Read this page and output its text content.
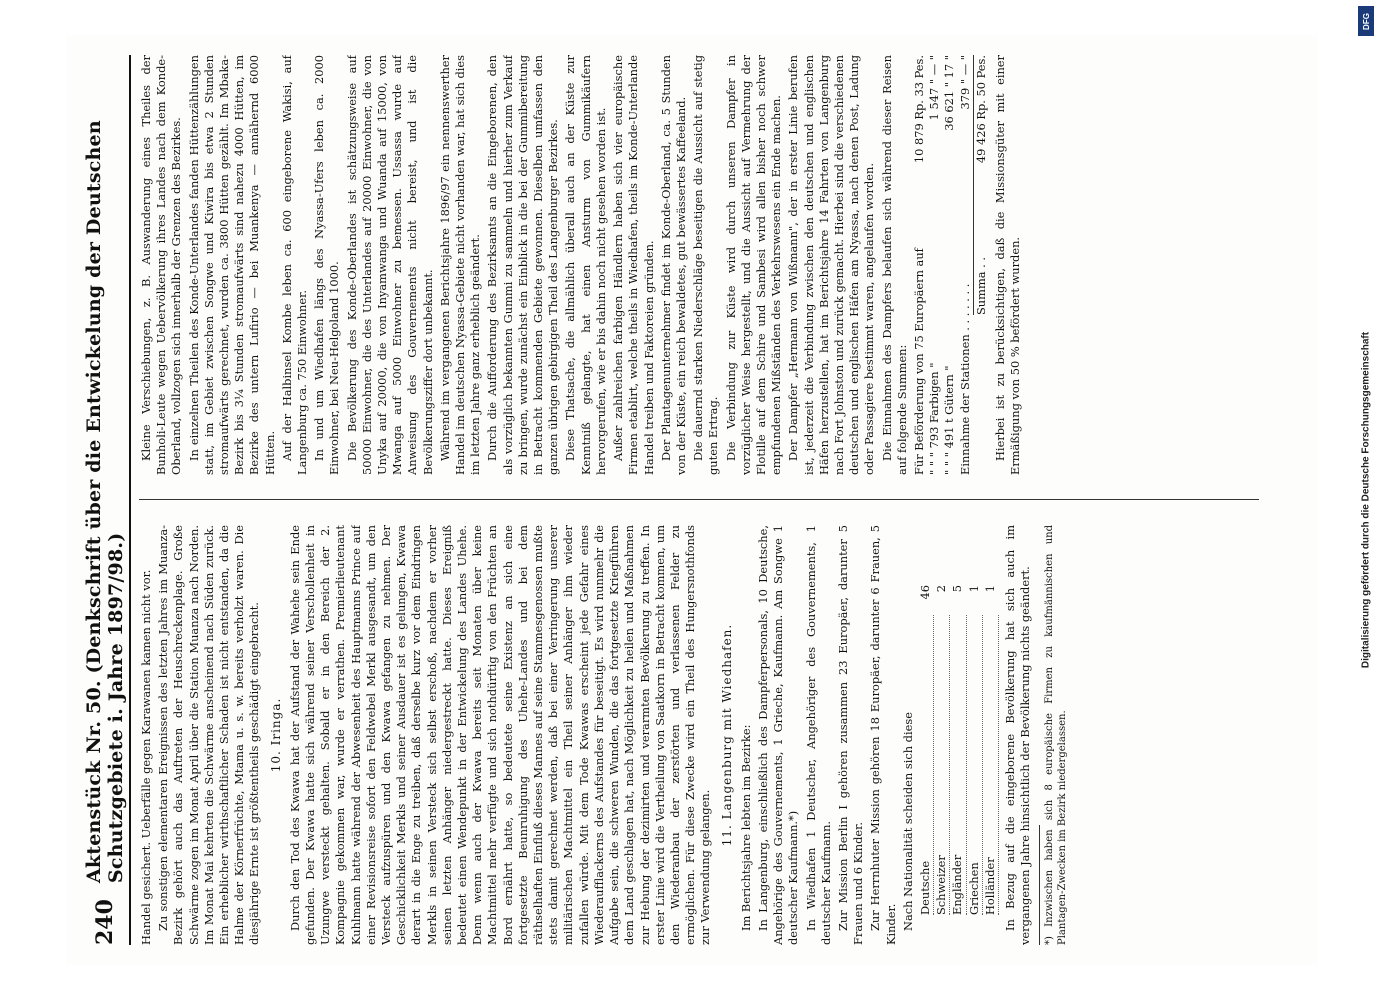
240
Aktenstück Nr. 50. (Denkschrift über die Entwickelung der Deutschen Schutzgebiete i. Jahre 1897/98.) Handel gesichert. Ueberfälle gegen Karawanen kamen nicht vor. Zu sonstigen elementaren Ereignissen des letzten Jahres im Muanza-Bezirk gehört auch das Auftreten der Heuschreckenplage. Große Schwärme zogen im Monat April über die Station Muanza nach Norden. Im Monat Mai kehrten die Schwärme anscheinend nach Süden zurück. Ein erheblicher wirthschaftlicher Schaden ist nicht entstanden, da die Halme der Körnerfrüchte, Mtama u. s. w. bereits verholzt waren. Die diesjährige Ernte ist größtentheils geschädigt eingebracht. 10. Iringa. Durch den Tod des Kwawa hat der Aufstand der Wahehe sein Ende gefunden. Der Kwawa hatte sich während seiner Verschollenheit in Uzungwe versteckt gehalten. Sobald er in den Bereich der 2. Kompagnie gekommen war, wurde er verrathen. Premierlieutenant Kuhlmann hatte während der Abwesenheit des Hauptmanns Prince auf einer Revisionsreise sofort den Feldwebel Merkl ausgesandt, um den Versteck aufzuspüren und den Kwawa gefangen zu nehmen. Der Geschicklichkeit Merkls und seiner Ausdauer ist es gelungen, Kwawa derart in die Enge zu treiben, daß derselbe kurz vor dem Eindringen Merkls in seinen Versteck sich selbst erschoß, nachdem er vorher seinen letzten Anhänger niedergestreckt hatte. Dieses Ereigniß bedeutet einen Wendepunkt in der Entwickelung des Landes Uhehe. Denn wenn auch der Kwawa bereits seit Monaten über keine Machtmittel mehr verfügte und sich nothdürftig von den Früchten an Bord ernährt hatte, so bedeutete seine Existenz an sich eine fortgesetzte Beunruhigung des Uhehe-Landes und bei dem räthselhaften Einfluß dieses Mannes auf seine Stammesgenossen mußte stets damit gerechnet werden, daß bei einer Verringerung unserer militärischen Machtmittel ein Theil seiner Anhänger ihm wieder zufallen würde. Mit dem Tode Kwawas erscheint jede Gefahr eines Wiederaufflackerns des Aufstandes für beseitigt. Es wird nunmehr die Aufgabe sein, die schweren Wunden, die das fortgesetzte Kriegführen dem Land geschlagen hat, nach Möglichkeit zu heilen und Maßnahmen zur Hebung der dezimirten und verarmten Bevölkerung zu treffen. In erster Linie wird die Vertheilung von Saatkorn in Betracht kommen, um den Wiederanbau der zerstörten und verlassenen Felder zu ermöglichen. Für diese Zwecke wird ein Theil des Hungersnothfonds zur Verwendung gelangen.

11. Langenburg mit Wiedhafen. Im Berichtsjahre lebten im Bezirke: In Langenburg, einschließlich des Dampferpersonals, 10 Deutsche, Angehörige des Gouvernements, 1 Grieche, Kaufmann. Am Songwe 1 deutscher Kaufmann.*) In Wiedhafen 1 Deutscher, Angehöriger des Gouvernements, 1 deutscher Kaufmann. Zur Mission Berlin I gehören zusammen 23 Europäer, darunter 5 Frauen und 6 Kinder. Zur Herrnhuter Mission gehören 18 Europäer, darunter 6 Frauen, 5 Kinder. Nach Nationalität scheiden sich diese Deutsche
46
Schweizer
2
Engländer
5
Griechen
1
Holländer
1 In Bezug auf die eingeborene Bevölkerung hat sich auch im vergangenen Jahre hinsichtlich der Bevölkerung nichts geändert. *) Inzwischen haben sich 8 europäische Firmen zu kaufmännischen und Plantagen-Zwecken im Bezirk niedergelassen.

Kleine Verschiebungen, z. B. Auswanderung eines Theiles der Bunholi-Leute wegen Uebervölkerung ihres Landes nach dem Konde-Oberland, vollzogen sich innerhalb der Grenzen des Bezirkes. In einzelnen Theilen des Konde-Unterlandes fanden Hüttenzählungen statt, im Gebiet zwischen Songwe und Kiwira bis etwa 2 Stunden stromaufwärts gerechnet, wurden ca. 3800 Hütten gezählt. Im Mbaka-Bezirk bis 3¼ Stunden stromaufwärts sind nahezu 4000 Hütten, im Bezirke des untern Lufirio — bei Muankenya — annähernd 6000 Hütten. Auf der Halbinsel Kombe leben ca. 600 eingeborene Wakisi, auf Langenburg ca. 750 Einwohner. In und um Wiedhafen längs des Nyassa-Ufers leben ca. 2000 Einwohner, bei Neu-Helgoland 1000. Die Bevölkerung des Konde-Oberlandes ist schätzungsweise auf 50000 Einwohner, die des Unterlandes auf 20000 Einwohner, die von Unyka auf 20000, die von Inyamwanga und Wuanda auf 15000, von Mwanga auf 5000 Einwohner zu bemessen. Ussassa wurde auf Anweisung des Gouvernements nicht bereist, und ist die Bevölkerungsziffer dort unbekannt. Während im vergangenen Berichtsjahre 1896/97 ein nennenswerther Handel im deutschen Nyassa-Gebiete nicht vorhanden war, hat sich dies im letzten Jahre ganz erheblich geändert. Durch die Aufforderung des Bezirksamts an die Eingeborenen, den als vorzüglich bekannten Gummi zu sammeln und hierher zum Verkauf zu bringen, wurde zunächst ein Einblick in die bei der Gummibereitung in Betracht kommenden Gebiete gewonnen. Dieselben umfassen den ganzen übrigen gebirgigen Theil des Langenburger Bezirkes. Diese Thatsache, die allmählich überall auch an der Küste zur Kenntniß gelangte, hat einen Ansturm von Gummikäufern hervorgerufen, wie er bis dahin noch nicht gesehen worden ist. Außer zahlreichen farbigen Händlern haben sich vier europäische Firmen etablirt, welche theils in Wiedhafen, theils im Konde-Unterlande Handel treiben und Faktoreien gründen. Der Plantagenunternehmer findet im Konde-Oberland, ca. 5 Stunden von der Küste, ein reich bewaldetes, gut bewässertes Kaffeeland. Die dauernd starken Niederschläge beseitigen die Aussicht auf stetig guten Ertrag. Die Verbindung zur Küste wird durch unseren Dampfer in vorzüglicher Weise hergestellt, und die Aussicht auf Vermehrung der Flotille auf dem Schire und Sambesi wird allen bisher noch schwer empfundenen Mißständen des Verkehrswesens ein Ende machen. Der Dampfer „Hermann von Wißmann", der in erster Linie berufen ist, jederzeit die Verbindung zwischen den deutschen und englischen Häfen herzustellen, hat im Berichtsjahre 14 Fahrten von Langenburg nach Fort Johnston und zurück gemacht. Hierbei sind die verschiedenen deutschen und englischen Häfen am Nyassa, nach denen Post, Ladung oder Passagiere bestimmt waren, angelaufen worden. Die Einnahmen des Dampfers belaufen sich während dieser Reisen auf folgende Summen: Für Beförderung von 75 Europäern auf
10 879 Rp. 33 Pes.
" " " 793 Farbigen "
1 547 " — "
" " " 491 t Gütern "
36 621 " 17 "
Einnahme der Stationen . . . . . . .
379 " — "
Summa . .
49 426 Rp. 50 Pes. Hierbei ist zu berücksichtigen, daß die Missionsgüter mit einer Ermäßigung von 50 % befördert wurden.

DFG
Digitalisierung gefördert durch die Deutsche Forschungsgemeinschaft
